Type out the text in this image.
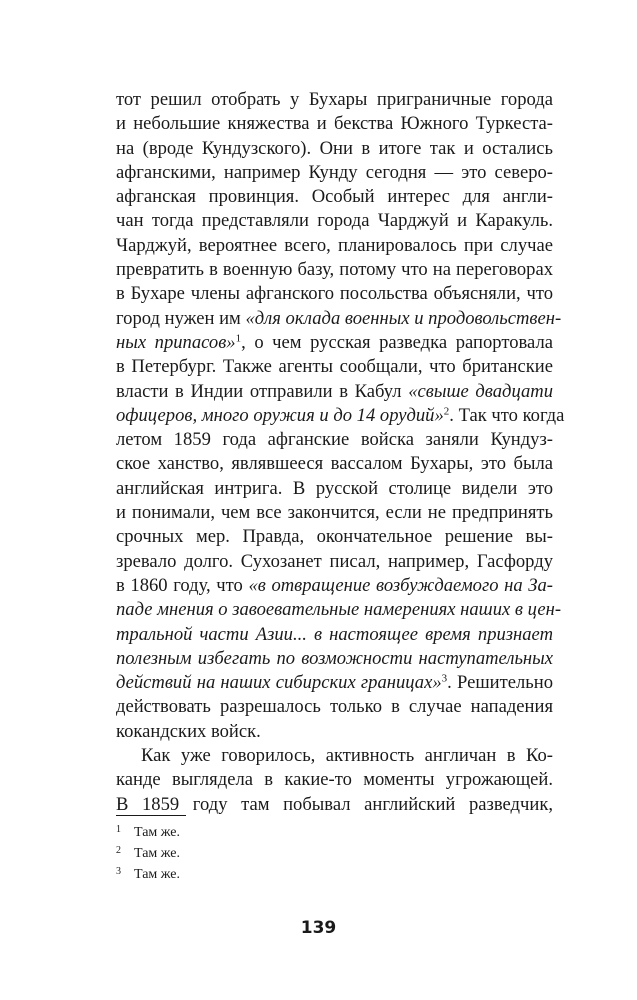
тот решил отобрать у Бухары приграничные города
и небольшие княжества и бекства Южного Туркеста-
на (вроде Кундузского). Они в итоге так и остались
афганскими, например Кунду сегодня — это северо-
афганская провинция. Особый интерес для англи-
чан тогда представляли города Чарджуй и Каракуль.
Чарджуй, вероятнее всего, планировалось при случае
превратить в военную базу, потому что на переговорах
в Бухаре члены афганского посольства объясняли, что
город нужен им «для оклада военных и продовольствен-
ных припасов»$^1$, о чем русская разведка рапортовала
в Петербург. Также агенты сообщали, что британские
власти в Индии отправили в Кабул «свыше двадцати
офицеров, много оружия и до 14 орудий»$^2$. Так что когда
летом 1859 года афганские войска заняли Кундуз-
ское ханство, являвшееся вассалом Бухары, это была
английская интрига. В русской столице видели это
и понимали, чем все закончится, если не предпринять
срочных мер. Правда, окончательное решение вы-
зревало долго. Сухозанет писал, например, Гасфорду
в 1860 году, что «в отвращение возбуждаемого на За-
паде мнения о завоевательные намерениях наших в цен-
тральной части Азии... в настоящее время признает
полезным избегать по возможности наступательных
действий на наших сибирских границах»$^3$. Решительно
действовать разрешалось только в случае нападения
кокандских войск.
Как уже говорилось, активность англичан в Ко-
канде выглядела в какие-то моменты угрожающей.
В 1859 году там побывал английский разведчик,
1 Там же.
2 Там же.
3 Там же.
139
